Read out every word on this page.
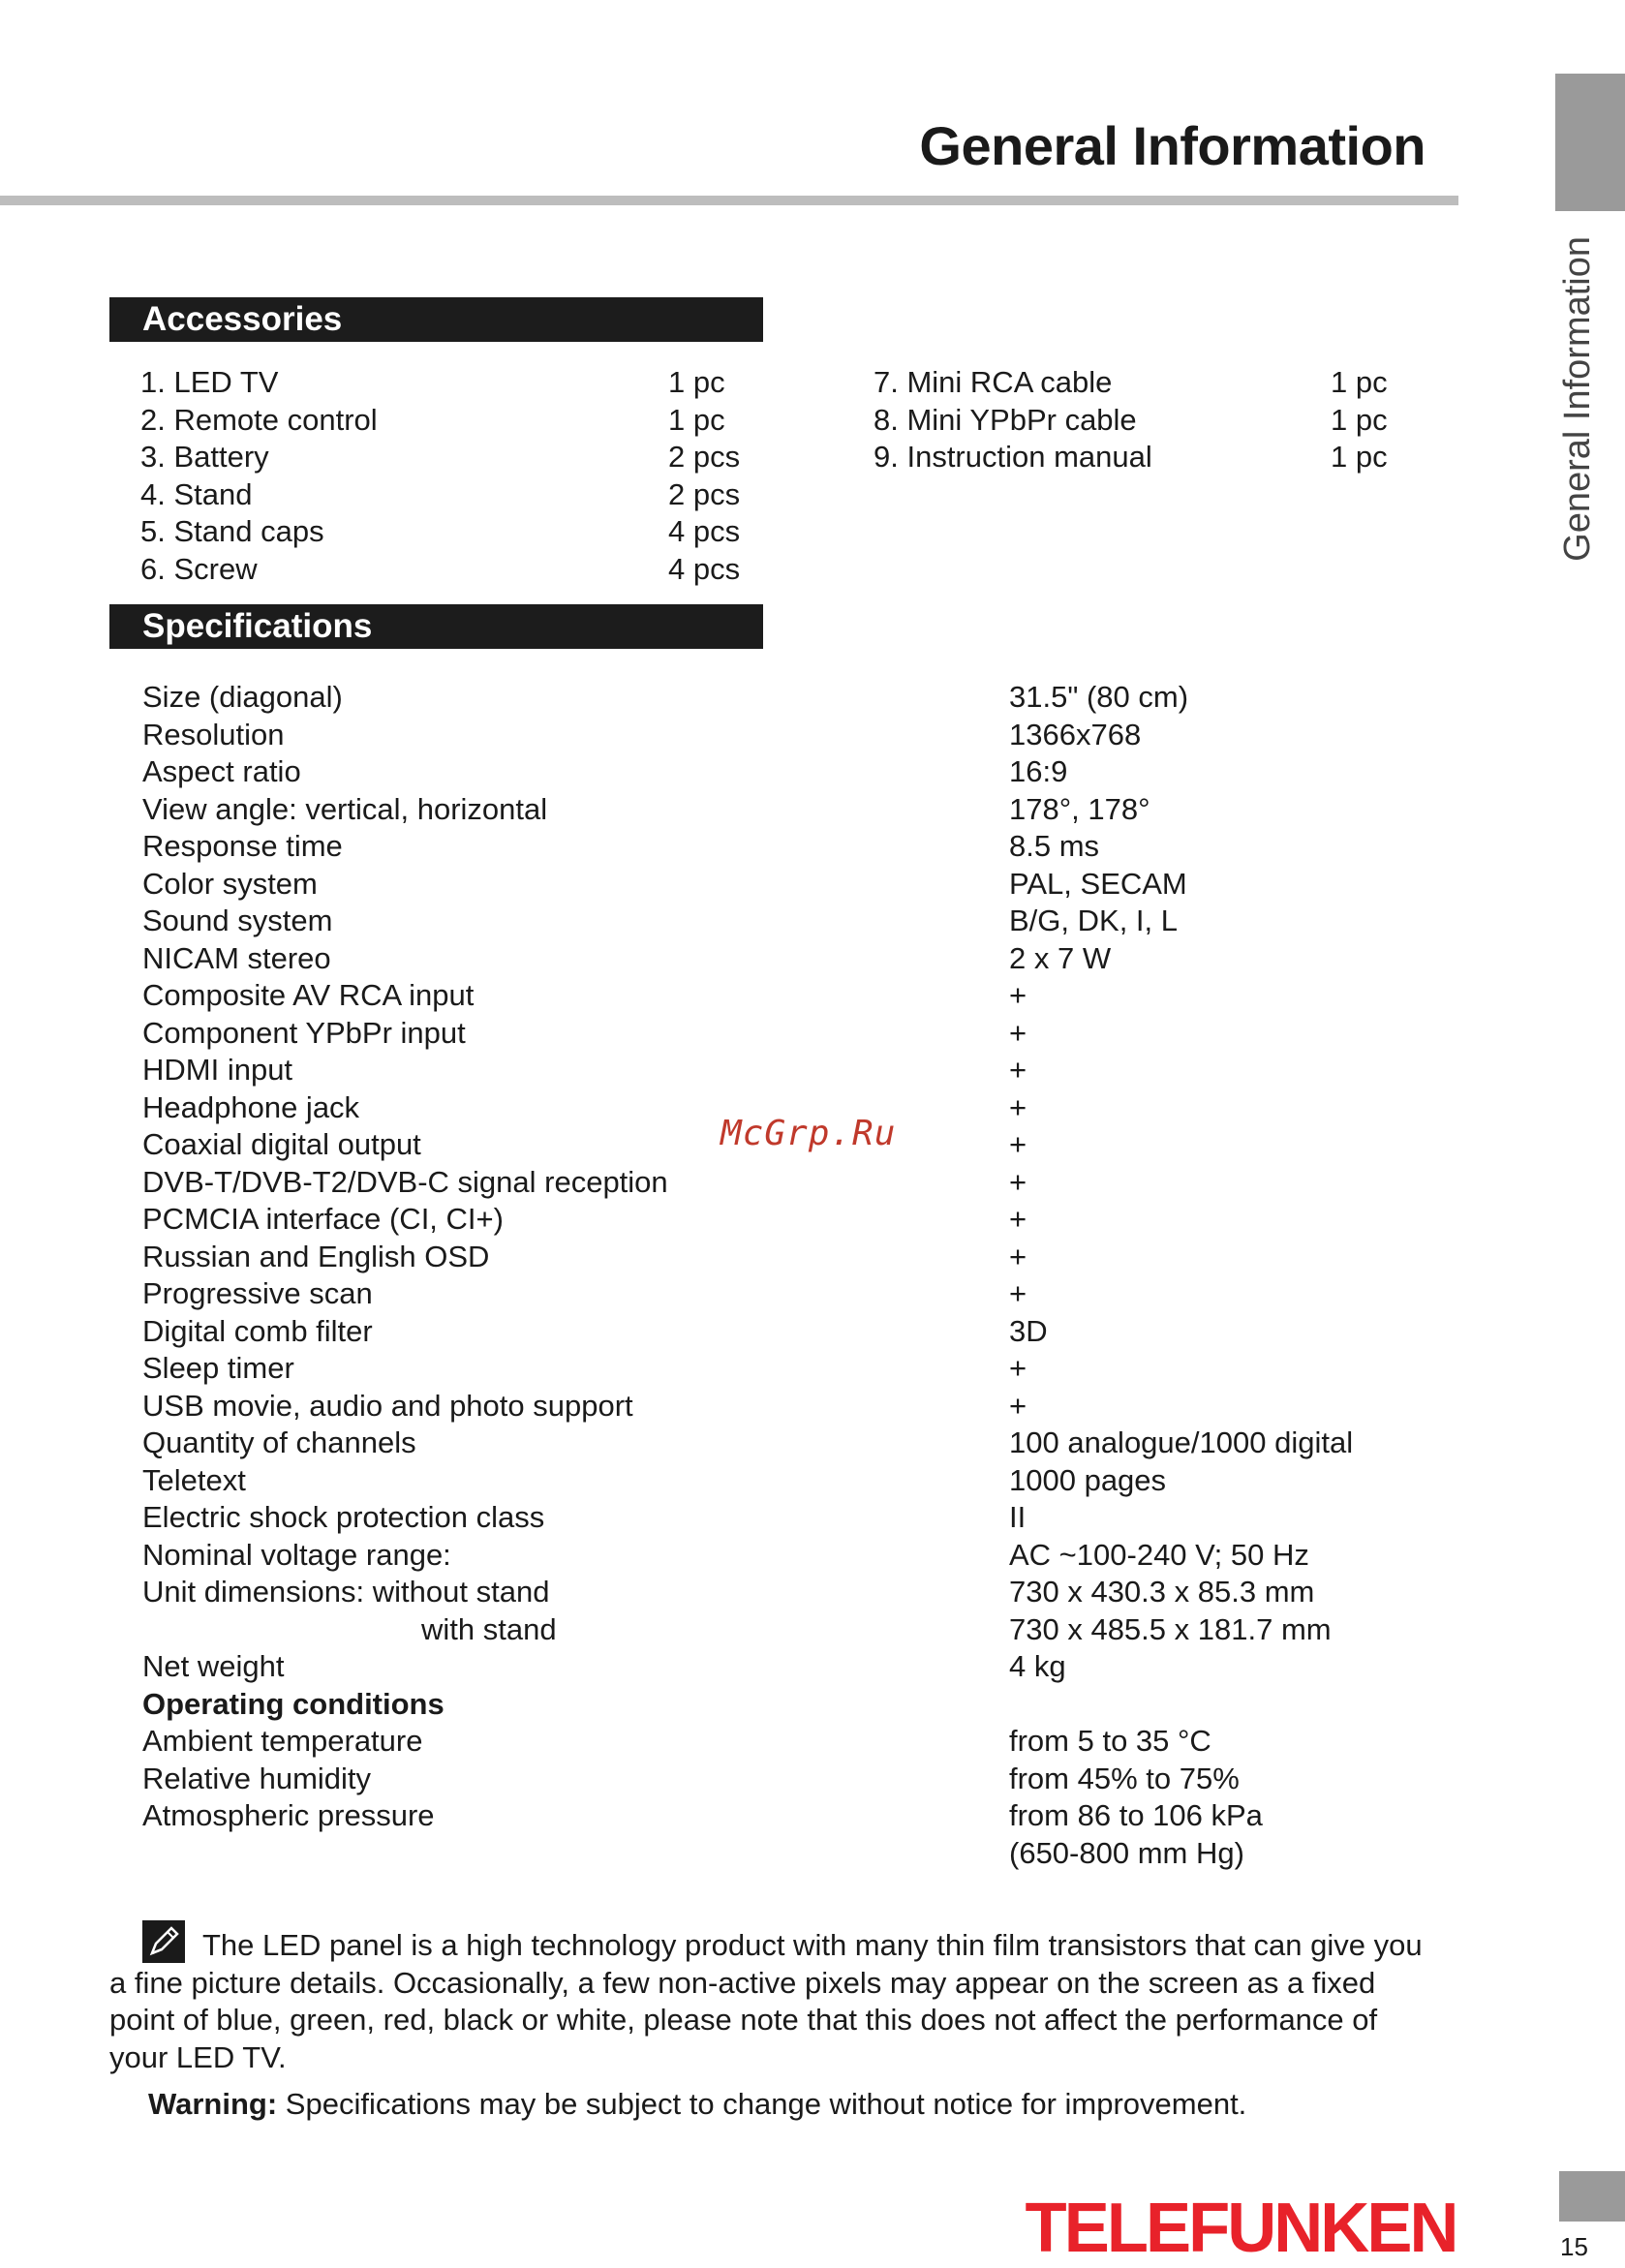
General Information
General Information
Accessories
1. LED TV	1 pc
2. Remote control	1 pc
3. Battery	2 pcs
4. Stand	2 pcs
5. Stand caps	4 pcs
6. Screw	4 pcs
7. Mini RCA cable	1 pc
8. Mini YPbPr cable	1 pc
9. Instruction manual	1 pc
Specifications
Size (diagonal)	31.5" (80 cm)
Resolution	1366x768
Aspect ratio	16:9
View angle: vertical, horizontal	178°, 178°
Response time	8.5 ms
Color system	PAL, SECAM
Sound system	B/G, DK, I, L
NICAM stereo	2 x 7 W
Composite AV RCA input	+
Component YPbPr input	+
HDMI input	+
Headphone jack	+
Coaxial digital output	+
DVB-T/DVB-T2/DVB-C signal reception	+
PCMCIA interface (CI, CI+)	+
Russian and English OSD	+
Progressive scan	+
Digital comb filter	3D
Sleep timer	+
USB movie, audio and photo support	+
Quantity of channels	100 analogue/1000 digital
Teletext	1000 pages
Electric shock protection class	II
Nominal voltage range:	AC ~100-240 V; 50 Hz
Unit dimensions: without stand	730 x 430.3 x 85.3 mm
with stand	730 x 485.5 x 181.7 mm
Net weight	4 kg
Operating conditions
Ambient temperature	from 5 to 35 °C
Relative humidity	from 45% to 75%
Atmospheric pressure	from 86 to 106 kPa
(650-800 mm Hg)
McGrp.Ru
The LED panel is a high technology product with many thin film transistors that can give you a fine picture details. Occasionally, a few non-active pixels may appear on the screen as a fixed point of blue, green, red, black or white, please note that this does not affect the performance of your LED TV.
Warning: Specifications may be subject to change without notice for improvement.
TELEFUNKEN	15
